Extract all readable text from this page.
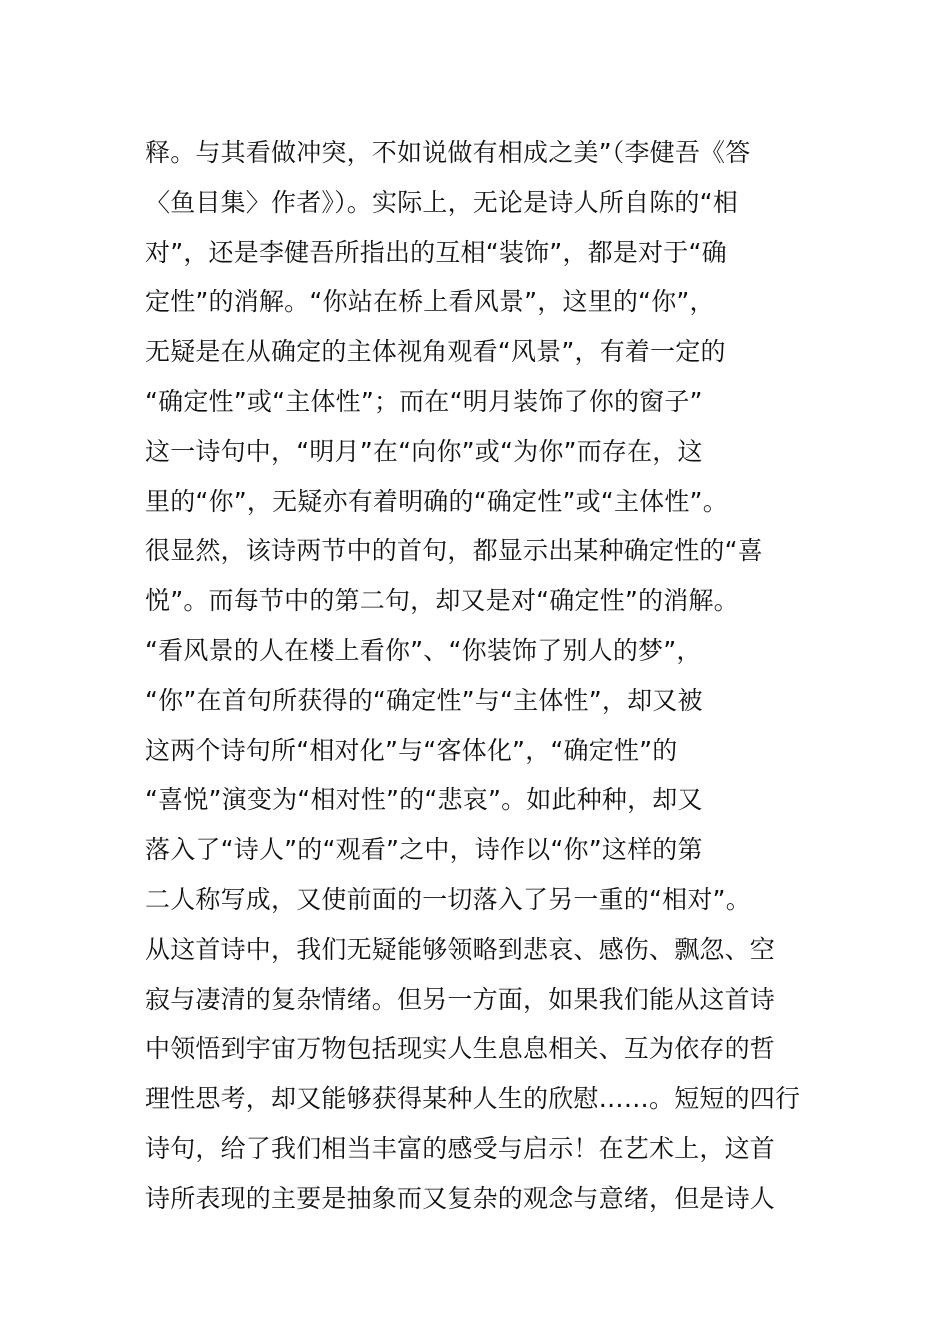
释。与其看做冲突，不如说做有相成之美”（李健吾《答
〈鱼目集〉作者》）。实际上，无论是诗人所自陈的“相
对”，还是李健吾所指出的互相“装饰”，都是对于“确
定性”的消解。“你站在桥上看风景”，这里的“你”，
无疑是在从确定的主体视角观看“风景”，有着一定的
“确定性”或“主体性”；而在“明月装饰了你的窗子”
这一诗句中，“明月”在“向你”或“为你”而存在，这
里的“你”，无疑亦有着明确的“确定性”或“主体性”。
很显然，该诗两节中的首句，都显示出某种确定性的“喜
悦”。而每节中的第二句，却又是对“确定性”的消解。
“看风景的人在楼上看你”、“你装饰了别人的梦”，
“你”在首句所获得的“确定性”与“主体性”，却又被
这两个诗句所“相对化”与“客体化”，“确定性”的
“喜悦”演变为“相对性”的“悲哀”。如此种种，却又
落入了“诗人”的“观看”之中，诗作以“你”这样的第
二人称写成，又使前面的一切落入了另一重的“相对”。
从这首诗中，我们无疑能够领略到悲哀、感伤、飘忽、空
寂与凄清的复杂情绪。但另一方面，如果我们能从这首诗
中领悟到宇宙万物包括现实人生息息相关、互为依存的哲
理性思考，却又能够获得某种人生的欣慰……。短短的四行
诗句，给了我们相当丰富的感受与启示！在艺术上，这首
诗所表现的主要是抽象而又复杂的观念与意绪，但是诗人
